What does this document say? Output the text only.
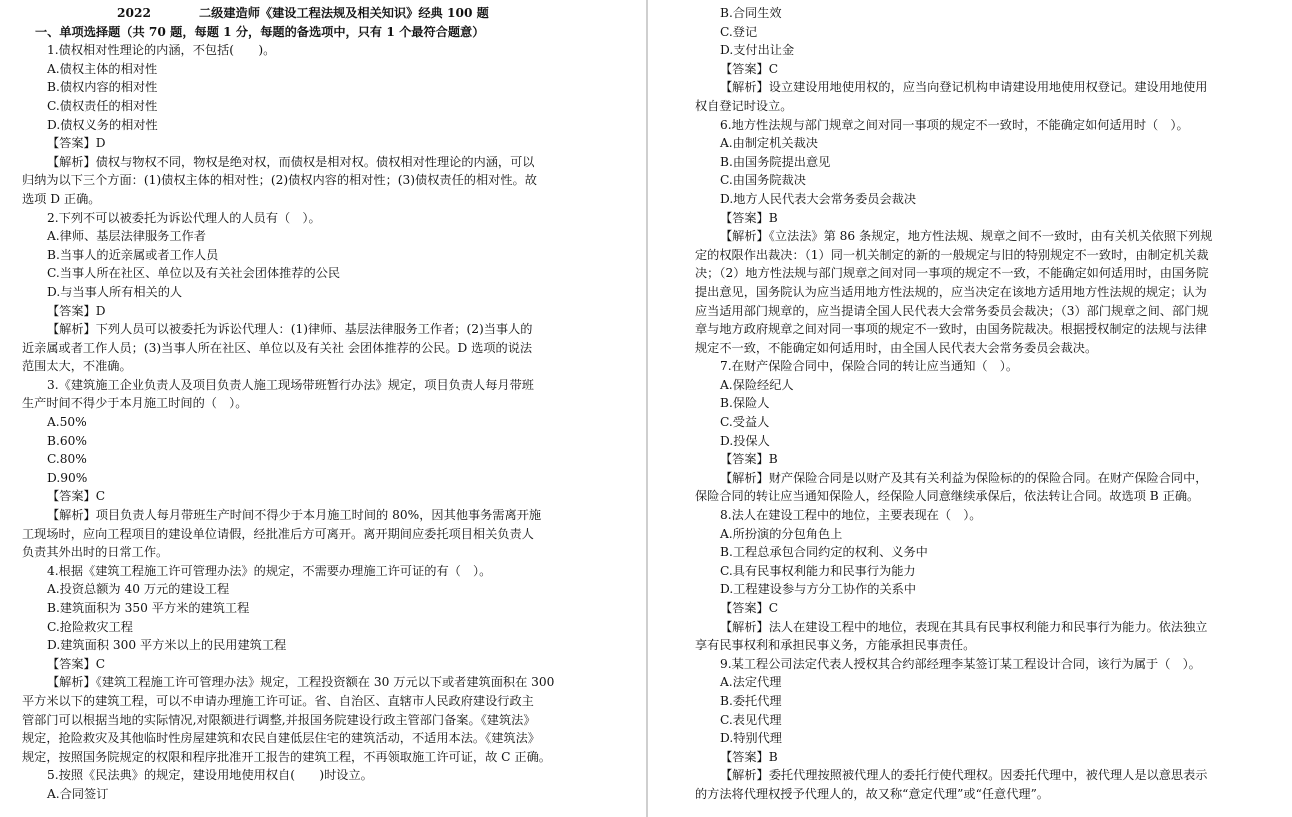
2022	二级建造师《建设工程法规及相关知识》经典 100 题
一、单项选择题（共 70 题，每题 1 分，每题的备选项中，只有 1 个最符合题意）
1.债权相对性理论的内涵，不包括(　　)。
A.债权主体的相对性
B.债权内容的相对性
C.债权责任的相对性
D.债权义务的相对性
【答案】D
【解析】债权与物权不同，物权是绝对权，而债权是相对权。债权相对性理论的内涵，可以
归纳为以下三个方面：(1)债权主体的相对性；(2)债权内容的相对性；(3)债权责任的相对性。故
选项 D 正确。
2.下列不可以被委托为诉讼代理人的人员有（　）。
A.律师、基层法律服务工作者
B.当事人的近亲属或者工作人员
C.当事人所在社区、单位以及有关社会团体推荐的公民
D.与当事人所有相关的人
【答案】D
【解析】下列人员可以被委托为诉讼代理人：(1)律师、基层法律服务工作者；(2)当事人的
近亲属或者工作人员；(3)当事人所在社区、单位以及有关社 会团体推荐的公民。D 选项的说法
范围太大，不准确。
3.《建筑施工企业负责人及项目负责人施工现场带班暂行办法》规定，项目负责人每月带班
生产时间不得少于本月施工时间的（　）。
A.50%
B.60%
C.80%
D.90%
【答案】C
【解析】项目负责人每月带班生产时间不得少于本月施工时间的 80%，因其他事务需离开施
工现场时，应向工程项目的建设单位请假，经批准后方可离开。离开期间应委托项目相关负责人
负责其外出时的日常工作。
4.根据《建筑工程施工许可管理办法》的规定，不需要办理施工许可证的有（　）。
A.投资总额为 40 万元的建设工程
B.建筑面积为 350 平方米的建筑工程
C.抢险救灾工程
D.建筑面积 300 平方米以上的民用建筑工程
【答案】C
【解析】《建筑工程施工许可管理办法》规定，工程投资额在 30 万元以下或者建筑面积在 300
平方米以下的建筑工程，可以不申请办理施工许可证。省、自治区、直辖市人民政府建设行政主
管部门可以根据当地的实际情况,对限额进行调整,并报国务院建设行政主管部门备案。《建筑法》
规定，抢险救灾及其他临时性房屋建筑和农民自建低层住宅的建筑活动，不适用本法。《建筑法》
规定，按照国务院规定的权限和程序批准开工报告的建筑工程，不再领取施工许可证，故 C 正确。
5.按照《民法典》的规定，建设用地使用权自(　　)时设立。
A.合同签订
B.合同生效
C.登记
D.支付出让金
【答案】C
【解析】设立建设用地使用权的，应当向登记机构申请建设用地使用权登记。建设用地使用
权自登记时设立。
6.地方性法规与部门规章之间对同一事项的规定不一致时，不能确定如何适用时（　）。
A.由制定机关裁决
B.由国务院提出意见
C.由国务院裁决
D.地方人民代表大会常务委员会裁决
【答案】B
【解析】《立法法》第 86 条规定，地方性法规、规章之间不一致时，由有关机关依照下列规
定的权限作出裁决：（1）同一机关制定的新的一般规定与旧的特别规定不一致时，由制定机关裁
决；（2）地方性法规与部门规章之间对同一事项的规定不一致，不能确定如何适用时，由国务院
提出意见，国务院认为应当适用地方性法规的，应当决定在该地方适用地方性法规的规定；认为
应当适用部门规章的，应当提请全国人民代表大会常务委员会裁决；（3）部门规章之间、部门规
章与地方政府规章之间对同一事项的规定不一致时，由国务院裁决。根据授权制定的法规与法律
规定不一致，不能确定如何适用时，由全国人民代表大会常务委员会裁决。
7.在财产保险合同中，保险合同的转让应当通知（　）。
A.保险经纪人
B.保险人
C.受益人
D.投保人
【答案】B
【解析】财产保险合同是以财产及其有关利益为保险标的的保险合同。在财产保险合同中，
保险合同的转让应当通知保险人，经保险人同意继续承保后，依法转让合同。故选项 B 正确。
8.法人在建设工程中的地位，主要表现在（　）。
A.所扮演的分包角色上
B.工程总承包合同约定的权利、义务中
C.具有民事权利能力和民事行为能力
D.工程建设参与方分工协作的关系中
【答案】C
【解析】法人在建设工程中的地位，表现在其具有民事权利能力和民事行为能力。依法独立
享有民事权利和承担民事义务，方能承担民事责任。
9.某工程公司法定代表人授权其合约部经理李某签订某工程设计合同，该行为属于（　）。
A.法定代理
B.委托代理
C.表见代理
D.特别代理
【答案】B
【解析】委托代理按照被代理人的委托行使代理权。因委托代理中，被代理人是以意思表示
的方法将代理权授予代理人的，故又称“意定代理”或“任意代理”。
